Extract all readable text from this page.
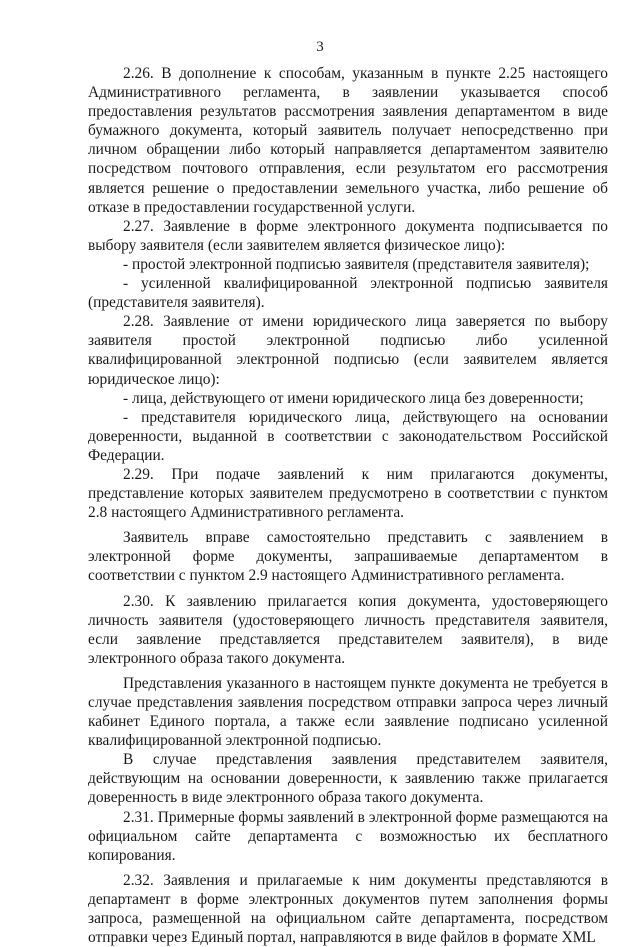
3

2.26. В дополнение к способам, указанным в пункте 2.25 настоящего Административного регламента, в заявлении указывается способ предоставления результатов рассмотрения заявления департаментом в виде бумажного документа, который заявитель получает непосредственно при личном обращении либо который направляется департаментом заявителю посредством почтового отправления, если результатом его рассмотрения является решение о предоставлении земельного участка, либо решение об отказе в предоставлении государственной услуги.

2.27. Заявление в форме электронного документа подписывается по выбору заявителя (если заявителем является физическое лицо):

- простой электронной подписью заявителя (представителя заявителя);

- усиленной квалифицированной электронной подписью заявителя (представителя заявителя).

2.28. Заявление от имени юридического лица заверяется по выбору заявителя простой электронной подписью либо усиленной квалифицированной электронной подписью (если заявителем является юридическое лицо):

- лица, действующего от имени юридического лица без доверенности;

- представителя юридического лица, действующего на основании доверенности, выданной в соответствии с законодательством Российской Федерации.

2.29. При подаче заявлений к ним прилагаются документы, представление которых заявителем предусмотрено в соответствии с пунктом 2.8 настоящего Административного регламента.

Заявитель вправе самостоятельно представить с заявлением в электронной форме документы, запрашиваемые департаментом в соответствии с пунктом 2.9 настоящего Административного регламента.

2.30. К заявлению прилагается копия документа, удостоверяющего личность заявителя (удостоверяющего личность представителя заявителя, если заявление представляется представителем заявителя), в виде электронного образа такого документа.

Представления указанного в настоящем пункте документа не требуется в случае представления заявления посредством отправки запроса через личный кабинет Единого портала, а также если заявление подписано усиленной квалифицированной электронной подписью.

В случае представления заявления представителем заявителя, действующим на основании доверенности, к заявлению также прилагается доверенность в виде электронного образа такого документа.

2.31. Примерные формы заявлений в электронной форме размещаются на официальном сайте департамента с возможностью их бесплатного копирования.

2.32. Заявления и прилагаемые к ним документы представляются в департамент в форме электронных документов путем заполнения формы запроса, размещенной на официальном сайте департамента, посредством отправки через Единый портал, направляются в виде файлов в формате XML
